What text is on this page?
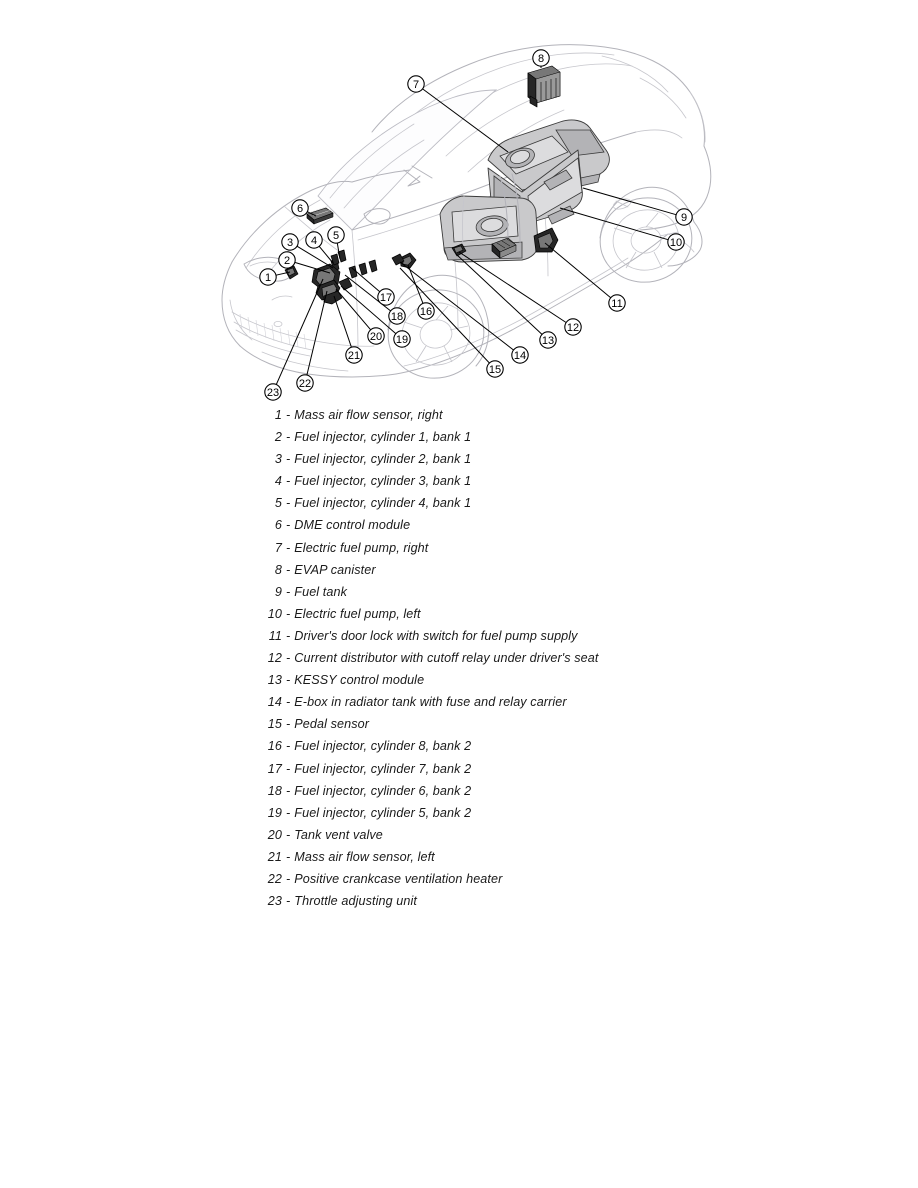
1
2
3 4 5
6
7
8
9
10
11
12
13
14
15
16
17
18
19
20
21
22
23
1 - Mass air flow sensor, right
2 - Fuel injector, cylinder 1, bank 1
3 - Fuel injector, cylinder 2, bank 1
4 - Fuel injector, cylinder 3, bank 1
5 - Fuel injector, cylinder 4, bank 1
6 - DME control module
7 - Electric fuel pump, right
8 - EVAP canister
9 - Fuel tank
10 - Electric fuel pump, left
11 - Driver's door lock with switch for fuel pump supply
12 - Current distributor with cutoff relay under driver's seat
13 - KESSY control module
14 - E-box in radiator tank with fuse and relay carrier
15 - Pedal sensor
16 - Fuel injector, cylinder 8, bank 2
17 - Fuel injector, cylinder 7, bank 2
18 - Fuel injector, cylinder 6, bank 2
19 - Fuel injector, cylinder 5, bank 2
20 - Tank vent valve
21 - Mass air flow sensor, left
22 - Positive crankcase ventilation heater
23 - Throttle adjusting unit
